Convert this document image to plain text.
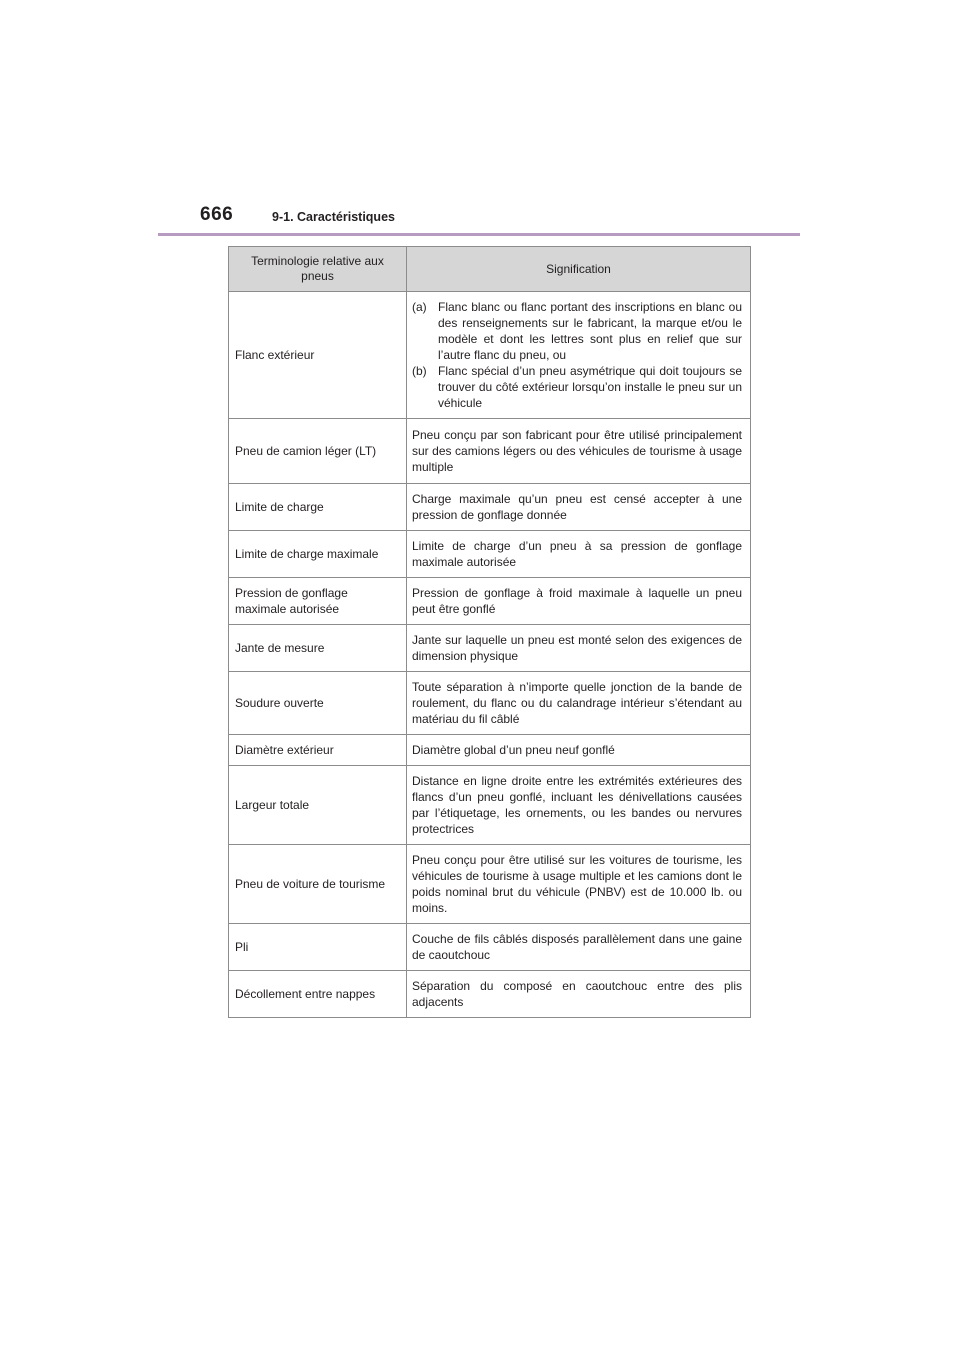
666	9-1. Caractéristiques
Terminologie relative aux pneus	Signification
Flanc extérieur	(a) Flanc blanc ou flanc portant des inscriptions en blanc ou des renseignements sur le fabricant, la marque et/ou le modèle et dont les lettres sont plus en relief que sur l’autre flanc du pneu, ou
(b) Flanc spécial d’un pneu asymétrique qui doit toujours se trouver du côté extérieur lorsqu’on installe le pneu sur un véhicule

Pneu de camion léger (LT)	Pneu conçu par son fabricant pour être utilisé principalement sur des camions légers ou des véhicules de tourisme à usage multiple
Limite de charge	Charge maximale qu’un pneu est censé accepter à une pression de gonflage donnée
Limite de charge maximale	Limite de charge d’un pneu à sa pression de gonflage maximale autorisée
Pression de gonflage maximale autorisée	Pression de gonflage à froid maximale à laquelle un pneu peut être gonflé
Jante de mesure	Jante sur laquelle un pneu est monté selon des exigences de dimension physique
Soudure ouverte	Toute séparation à n’importe quelle jonction de la bande de roulement, du flanc ou du calandrage intérieur s’étendant au matériau du fil câblé
Diamètre extérieur	Diamètre global d’un pneu neuf gonflé
Largeur totale	Distance en ligne droite entre les extrémités extérieures des flancs d’un pneu gonflé, incluant les dénivellations causées par l’étiquetage, les ornements, ou les bandes ou nervures protectrices
Pneu de voiture de tourisme	Pneu conçu pour être utilisé sur les voitures de tourisme, les véhicules de tourisme à usage multiple et les camions dont le poids nominal brut du véhicule (PNBV) est de 10.000 lb. ou moins.
Pli	Couche de fils câblés disposés parallèlement dans une gaine de caoutchouc
Décollement entre nappes	Séparation du composé en caoutchouc entre des plis adjacents
